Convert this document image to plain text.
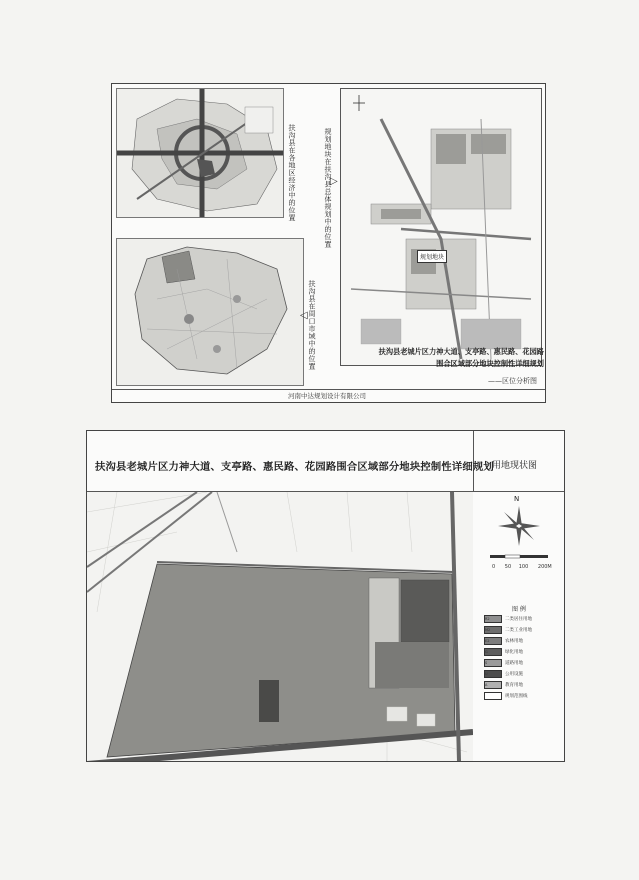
扶沟县在各地区经济中的位置
扶沟县在周口市域中的位置
◁
规划地块在扶沟县总体规划中的位置
▷
规划地块
扶沟县老城片区力神大道、支亭路、惠民路、花园路
围合区域部分地块控制性详细规划
——区位分析图
河南中达规划设计有限公司
扶沟县老城片区力神大道、支亭路、惠民路、花园路围合区域部分地块控制性详细规划
用地现状图
N
0 50 100 200M
图 例
R2	二类居住用地
M2	二类工业用地
E2	农林用地
G	绿化用地
S	道路用地
U	公用设施
A	教育用地
规划范围线
